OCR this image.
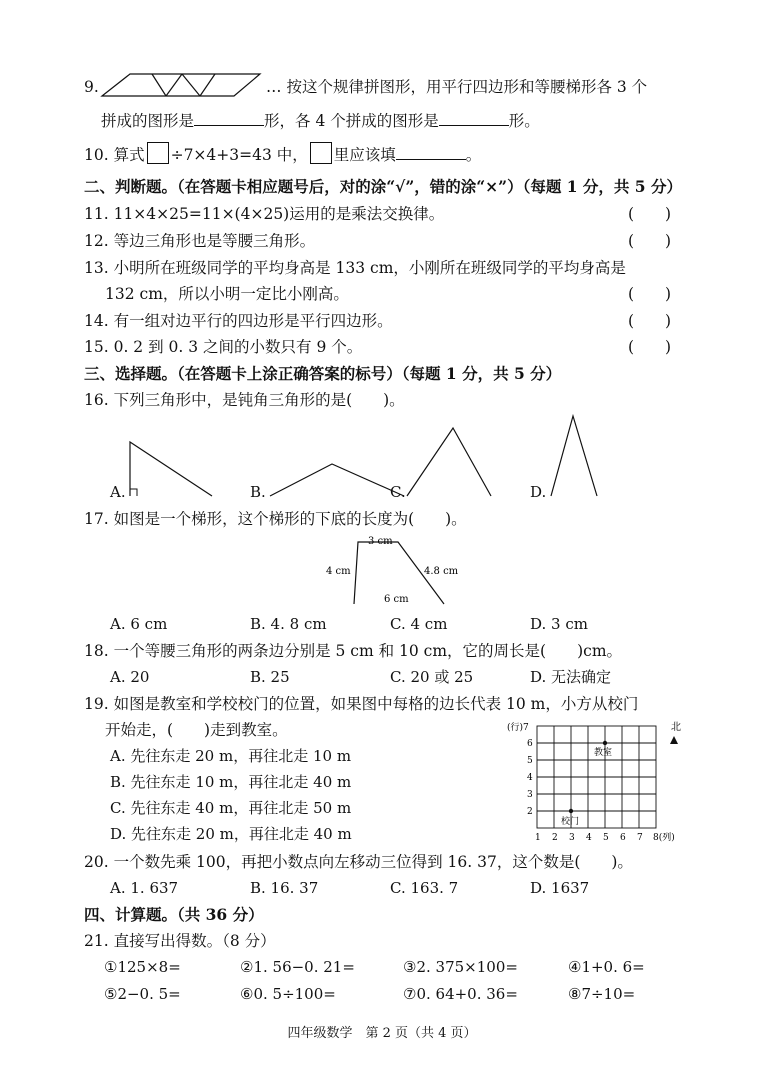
9.	… 按这个规律拼图形，用平行四边形和等腰梯形各 3 个
拼成的图形是	形，各 4 个拼成的图形是	形。
10. 算式 ÷7×4+3=43 中， 里应该填	。
二、判断题。（在答题卡相应题号后，对的涂“√”，错的涂“×”）（每题 1 分，共 5 分）
11. 11×4×25=11×(4×25)运用的是乘法交换律。	(　　)
12. 等边三角形也是等腰三角形。	(　　)
13. 小明所在班级同学的平均身高是 133 cm，小刚所在班级同学的平均身高是
132 cm，所以小明一定比小刚高。	(　　)
14. 有一组对边平行的四边形是平行四边形。	(　　)
15. 0. 2 到 0. 3 之间的小数只有 9 个。	(　　)
三、选择题。（在答题卡上涂正确答案的标号）（每题 1 分，共 5 分）
16. 下列三角形中，是钝角三角形的是(　　)。
A.	B.	C.	D.
17. 如图是一个梯形，这个梯形的下底的长度为(　　)。
3 cm
4 cm	4.8 cm
6 cm
A. 6 cm	B. 4. 8 cm	C. 4 cm	D. 3 cm
18. 一个等腰三角形的两条边分别是 5 cm 和 10 cm，它的周长是(　　)cm。
A. 20	B. 25	C. 20 或 25	D. 无法确定
19. 如图是教室和学校校门的位置，如果图中每格的边长代表 10 m，小方从校门
开始走，(　　)走到教室。
A. 先往东走 20 m，再往北走 10 m
B. 先往东走 10 m，再往北走 40 m
C. 先往东走 40 m，再往北走 50 m
D. 先往东走 20 m，再往北走 40 m
(行)7
6
5
4
3
2
1 2 3 4 5 6 7 8(列)
北
教室
校门
20. 一个数先乘 100，再把小数点向左移动三位得到 16. 37，这个数是(　　)。
A. 1. 637	B. 16. 37	C. 163. 7	D. 1637
四、计算题。（共 36 分）
21. 直接写出得数。（8 分）
①125×8=	②1. 56−0. 21=	③2. 375×100=	④1+0. 6=
⑤2−0. 5=	⑥0. 5÷100=	⑦0. 64+0. 36=	⑧7÷10=
四年级数学　第 2 页（共 4 页）
